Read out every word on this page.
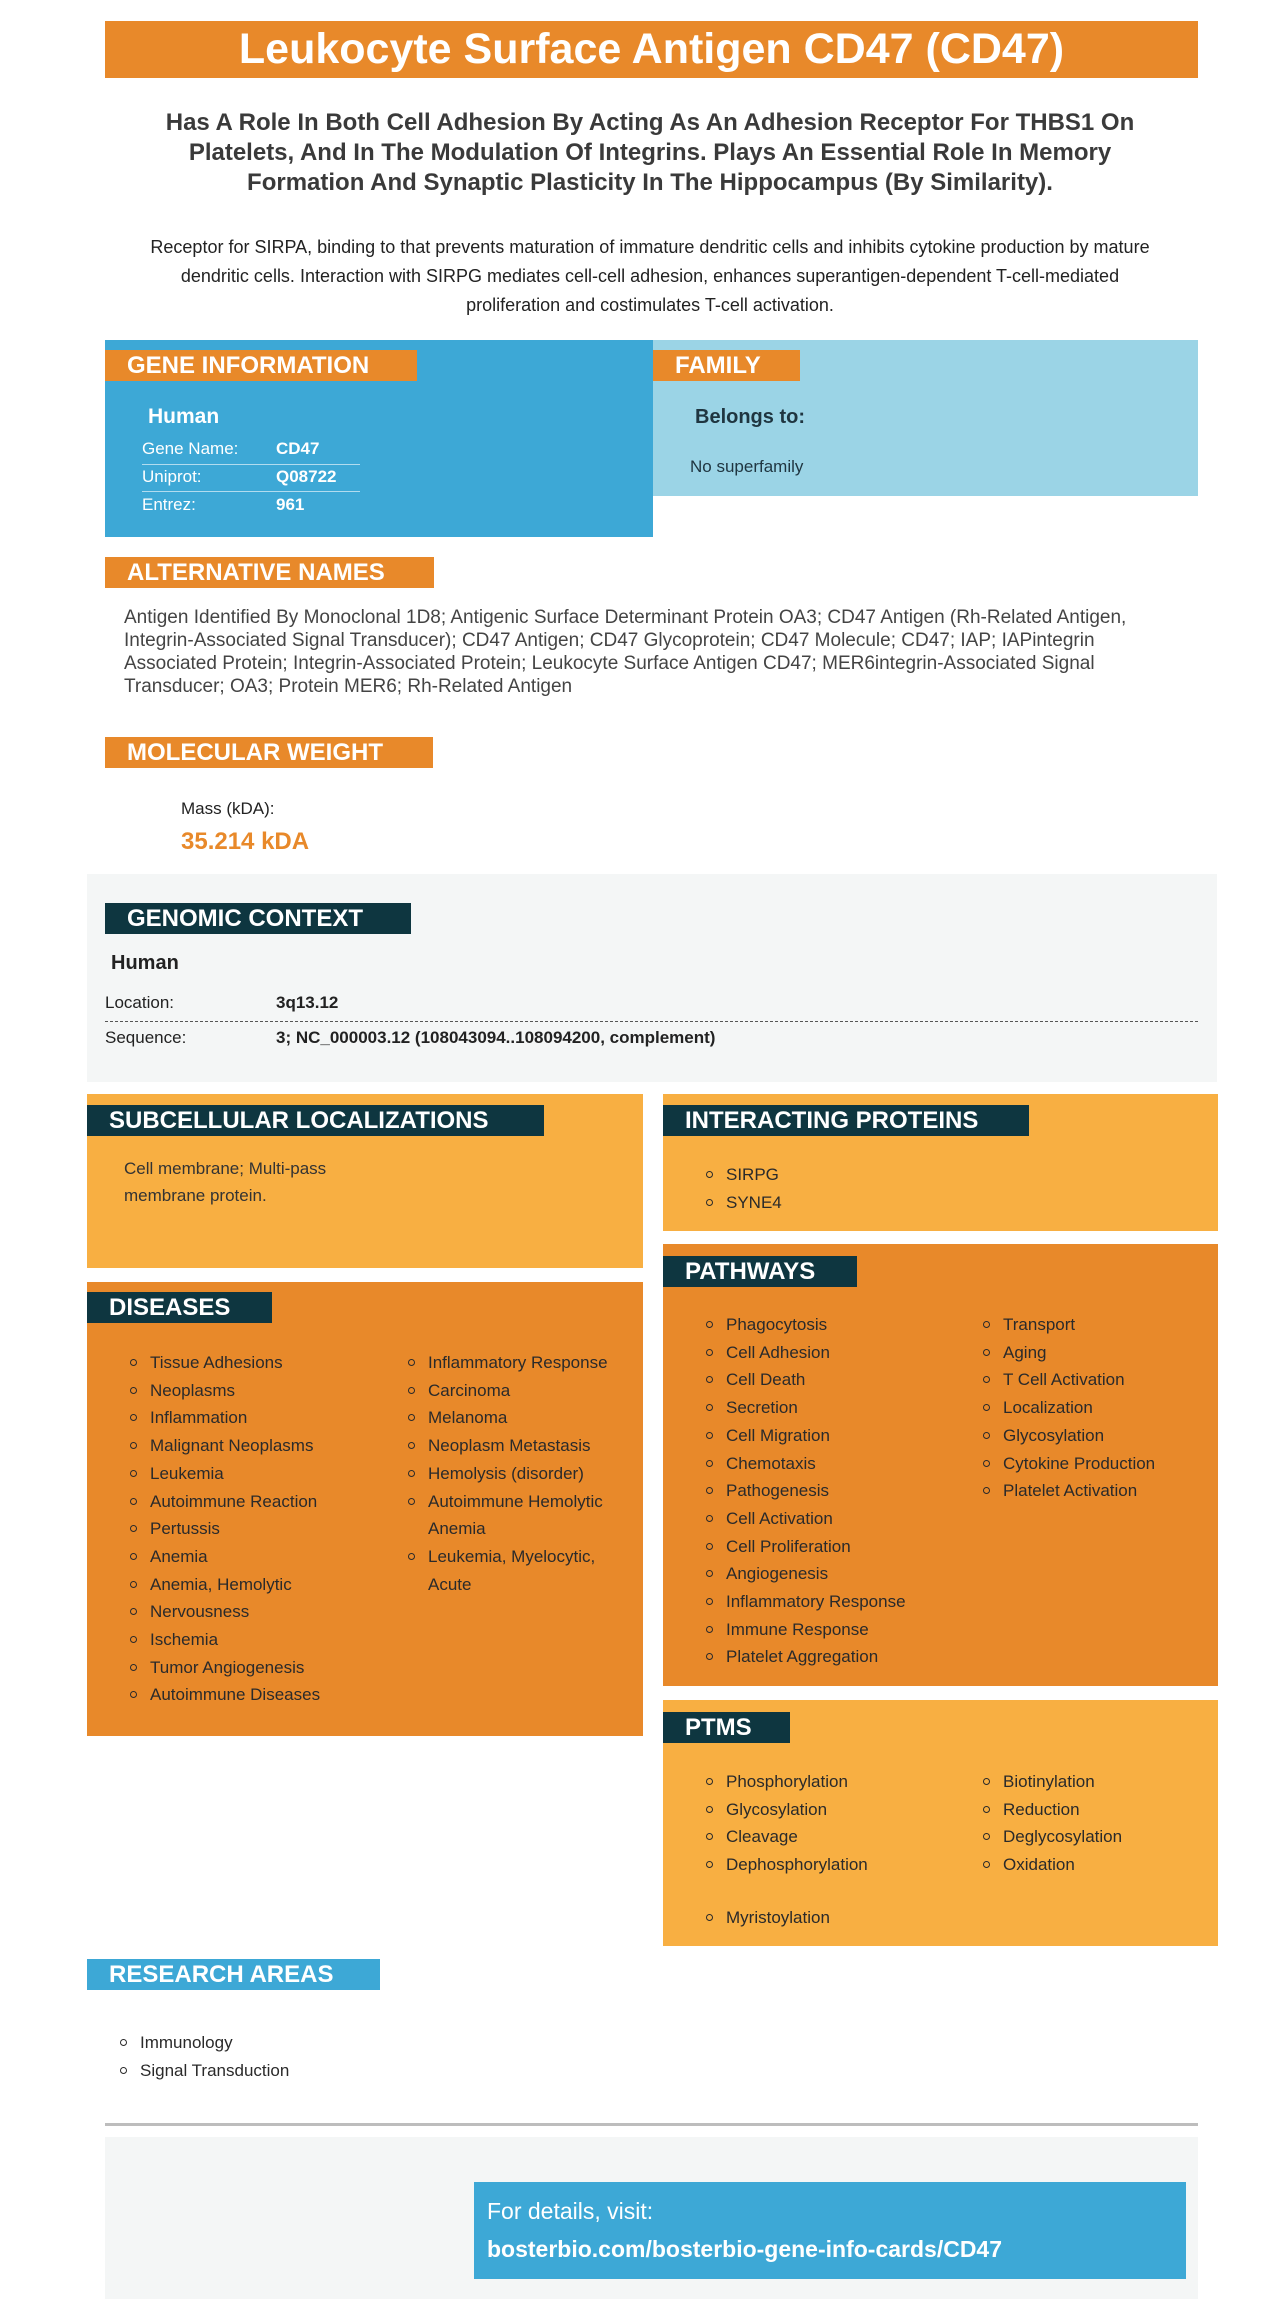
Leukocyte Surface Antigen CD47 (CD47)
Has A Role In Both Cell Adhesion By Acting As An Adhesion Receptor For THBS1 On Platelets, And In The Modulation Of Integrins. Plays An Essential Role In Memory Formation And Synaptic Plasticity In The Hippocampus (By Similarity).
Receptor for SIRPA, binding to that prevents maturation of immature dendritic cells and inhibits cytokine production by mature dendritic cells. Interaction with SIRPG mediates cell-cell adhesion, enhances superantigen-dependent T-cell-mediated proliferation and costimulates T-cell activation.
GENE INFORMATION
Human
Gene Name: CD47
Uniprot:	Q08722
Entrez:	961
FAMILY
Belongs to:
No superfamily
ALTERNATIVE NAMES
Antigen Identified By Monoclonal 1D8; Antigenic Surface Determinant Protein OA3; CD47 Antigen (Rh-Related Antigen, Integrin-Associated Signal Transducer); CD47 Antigen; CD47 Glycoprotein; CD47 Molecule; CD47; IAP; IAPintegrin Associated Protein; Integrin-Associated Protein; Leukocyte Surface Antigen CD47; MER6integrin-Associated Signal Transducer; OA3; Protein MER6; Rh-Related Antigen
MOLECULAR WEIGHT
Mass (kDA):
35.214 kDA
GENOMIC CONTEXT
Human
Location:	3q13.12
Sequence:	3; NC_000003.12 (108043094..108094200, complement)
SUBCELLULAR LOCALIZATIONS
Cell membrane; Multi-pass membrane protein.
INTERACTING PROTEINS
SIRPG
SYNE4
DISEASES
Tissue Adhesions
Neoplasms
Inflammation
Malignant Neoplasms
Leukemia
Autoimmune Reaction
Pertussis
Anemia
Anemia, Hemolytic
Nervousness
Ischemia
Tumor Angiogenesis
Autoimmune Diseases
Inflammatory Response
Carcinoma
Melanoma
Neoplasm Metastasis
Hemolysis (disorder)
Autoimmune Hemolytic Anemia
Leukemia, Myelocytic, Acute
PATHWAYS
Phagocytosis
Cell Adhesion
Cell Death
Secretion
Cell Migration
Chemotaxis
Pathogenesis
Cell Activation
Cell Proliferation
Angiogenesis
Inflammatory Response
Immune Response
Platelet Aggregation
Transport
Aging
T Cell Activation
Localization
Glycosylation
Cytokine Production
Platelet Activation
PTMS
Phosphorylation
Glycosylation
Cleavage
Dephosphorylation
Biotinylation
Reduction
Deglycosylation
Oxidation
Myristoylation
RESEARCH AREAS
Immunology
Signal Transduction
For details, visit:
bosterbio.com/bosterbio-gene-info-cards/CD47
